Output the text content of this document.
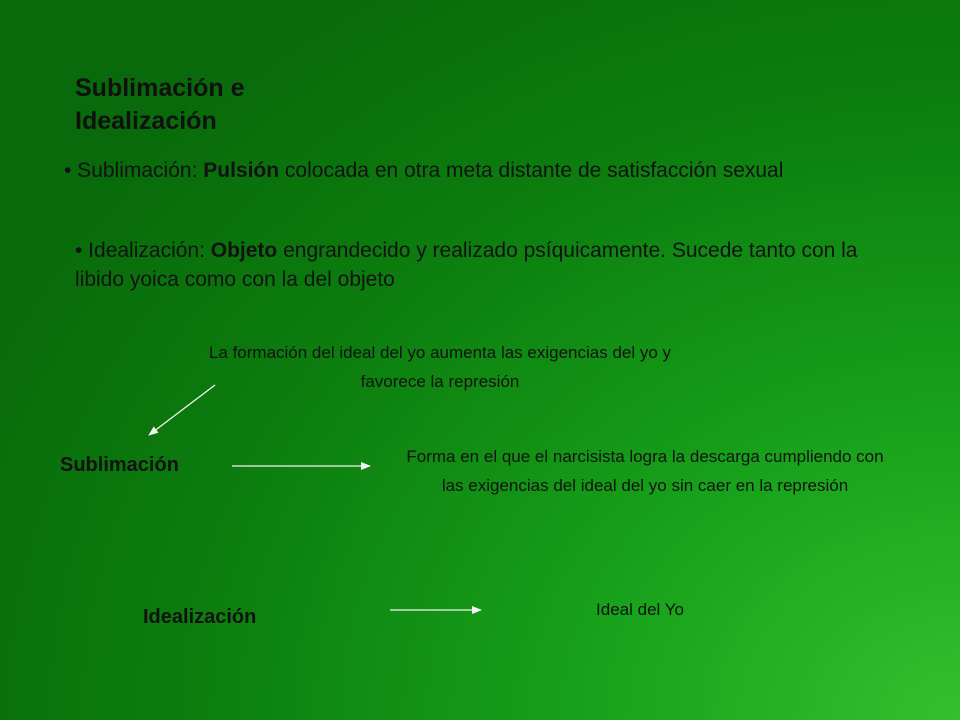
Sublimación e
Idealización
• Sublimación: Pulsión colocada en otra meta distante de satisfacción sexual
• Idealización: Objeto engrandecido y realizado psíquicamente. Sucede tanto con la libido yoica como con la del objeto
La formación del ideal del yo aumenta las exigencias del yo y favorece la represión
Sublimación	Forma en el que el narcisista logra la descarga cumpliendo con las exigencias del ideal del yo sin caer en la represión
Idealización	Ideal del Yo
